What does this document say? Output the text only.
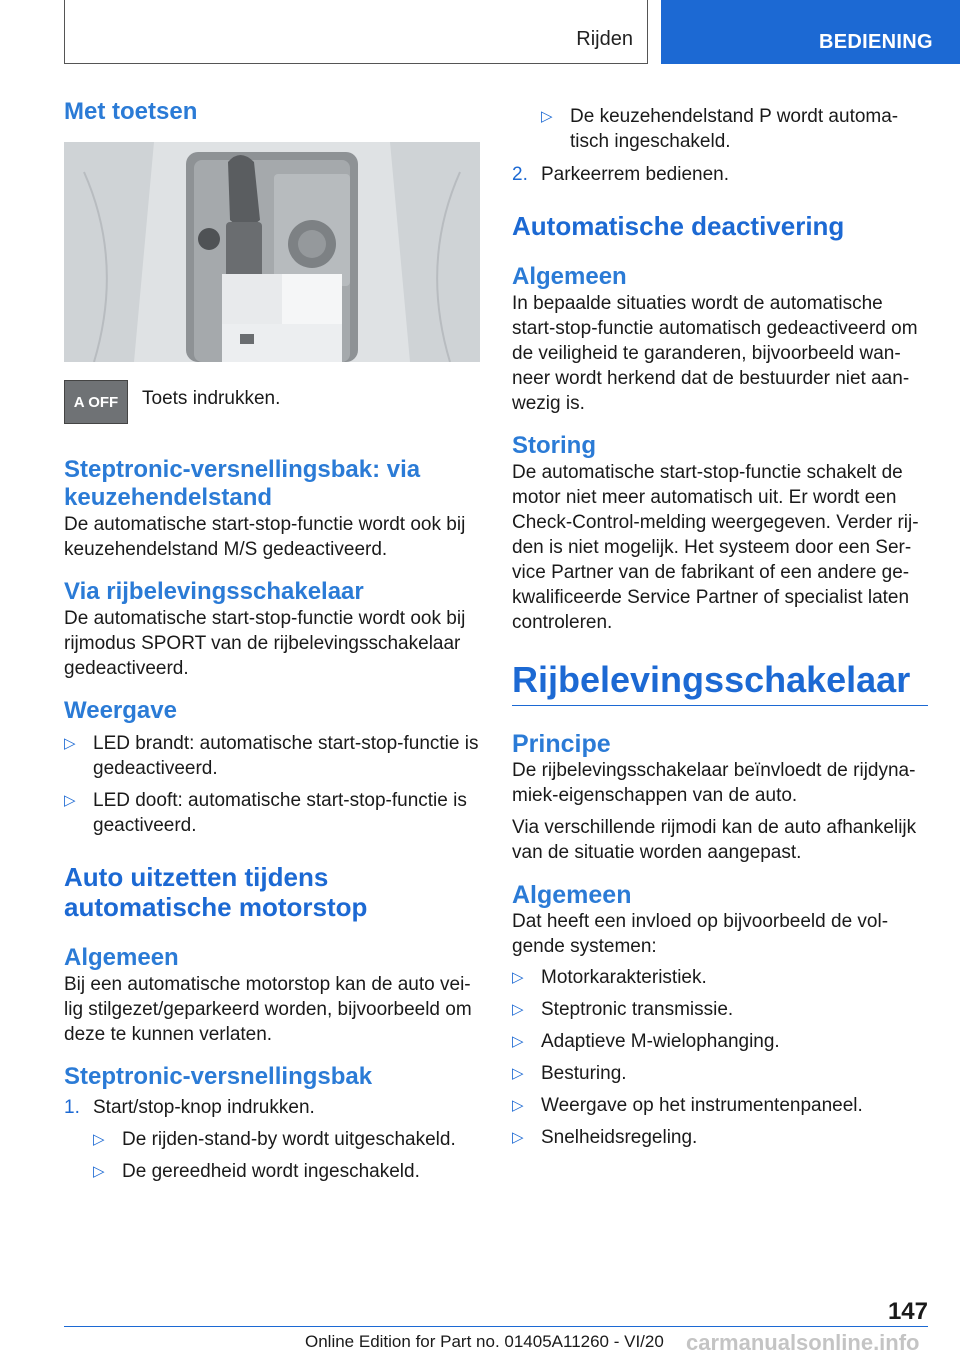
Rijden	BEDIENING
Met toetsen
A OFF	Toets indrukken.
Steptronic-versnellingsbak: via keuzehendelstand

De automatische start-stop-functie wordt ook bij keuzehendelstand M/S gedeactiveerd.

Via rijbelevingsschakelaar

De automatische start-stop-functie wordt ook bij rijmodus SPORT van de rijbelevingsschakelaar gedeactiveerd.

Weergave
▷ LED brandt: automatische start-stop-functie is gedeactiveerd.
▷ LED dooft: automatische start-stop-functie is geactiveerd.
Auto uitzetten tijdens automatische motorstop
Algemeen

Bij een automatische motorstop kan de auto vei-lig stilgezet/geparkeerd worden, bijvoorbeeld om deze te kunnen verlaten.

Steptronic-versnellingsbak
1. Start/stop-knop indrukken.
▷ De rijden-stand-by wordt uitgeschakeld.
▷ De gereedheid wordt ingeschakeld.
▷ De keuzehendelstand P wordt automa-tisch ingeschakeld.
2. Parkeerrem bedienen.
Automatische deactivering
Algemeen

In bepaalde situaties wordt de automatische start-stop-functie automatisch gedeactiveerd om de veiligheid te garanderen, bijvoorbeeld wan-neer wordt herkend dat de bestuurder niet aan-wezig is.

Storing

De automatische start-stop-functie schakelt de motor niet meer automatisch uit. Er wordt een Check-Control-melding weergegeven. Verder rij-den is niet mogelijk. Het systeem door een Ser-vice Partner van de fabrikant of een andere ge-kwalificeerde Service Partner of specialist laten controleren.

Rijbelevingsschakelaar
Principe

De rijbelevingsschakelaar beïnvloedt de rijdyna-miek-eigenschappen van de auto.

Via verschillende rijmodi kan de auto afhankelijk van de situatie worden aangepast.

Algemeen

Dat heeft een invloed op bijvoorbeeld de vol-gende systemen:

▷ Motorkarakteristiek.
▷ Steptronic transmissie.
▷ Adaptieve M-wielophanging.
▷ Besturing.
▷ Weergave op het instrumentenpaneel.
▷ Snelheidsregeling.
147
Online Edition for Part no. 01405A11260 - VI/20 carmanualsonline.info
